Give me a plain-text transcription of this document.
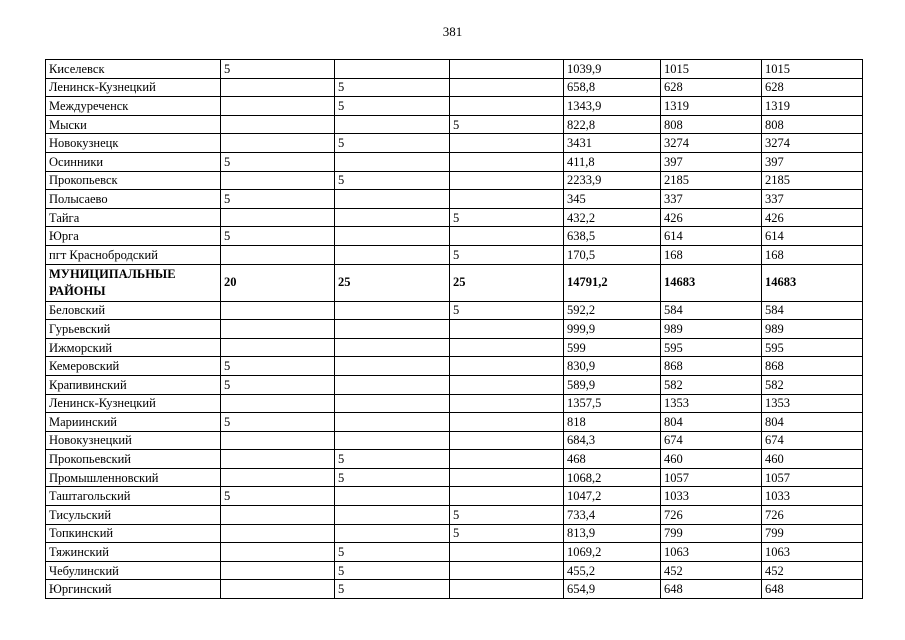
381
Киселевск	5			1039,9	1015	1015
Ленинск-Кузнецкий		5		658,8	628	628
Междуреченск		5		1343,9	1319	1319
Мыски			5	822,8	808	808
Новокузнецк		5		3431	3274	3274
Осинники	5			411,8	397	397
Прокопьевск		5		2233,9	2185	2185
Полысаево	5			345	337	337
Тайга			5	432,2	426	426
Юрга	5			638,5	614	614
пгт Краснобродский			5	170,5	168	168
МУНИЦИПАЛЬНЫЕ РАЙОНЫ	20	25	25	14791,2	14683	14683
Беловский			5	592,2	584	584
Гурьевский				999,9	989	989
Ижморский				599	595	595
Кемеровский	5			830,9	868	868
Крапивинский	5			589,9	582	582
Ленинск-Кузнецкий				1357,5	1353	1353
Мариинский	5			818	804	804
Новокузнецкий				684,3	674	674
Прокопьевский		5		468	460	460
Промышленновский		5		1068,2	1057	1057
Таштагольский	5			1047,2	1033	1033
Тисульский			5	733,4	726	726
Топкинский			5	813,9	799	799
Тяжинский		5		1069,2	1063	1063
Чебулинский		5		455,2	452	452
Юргинский		5		654,9	648	648
